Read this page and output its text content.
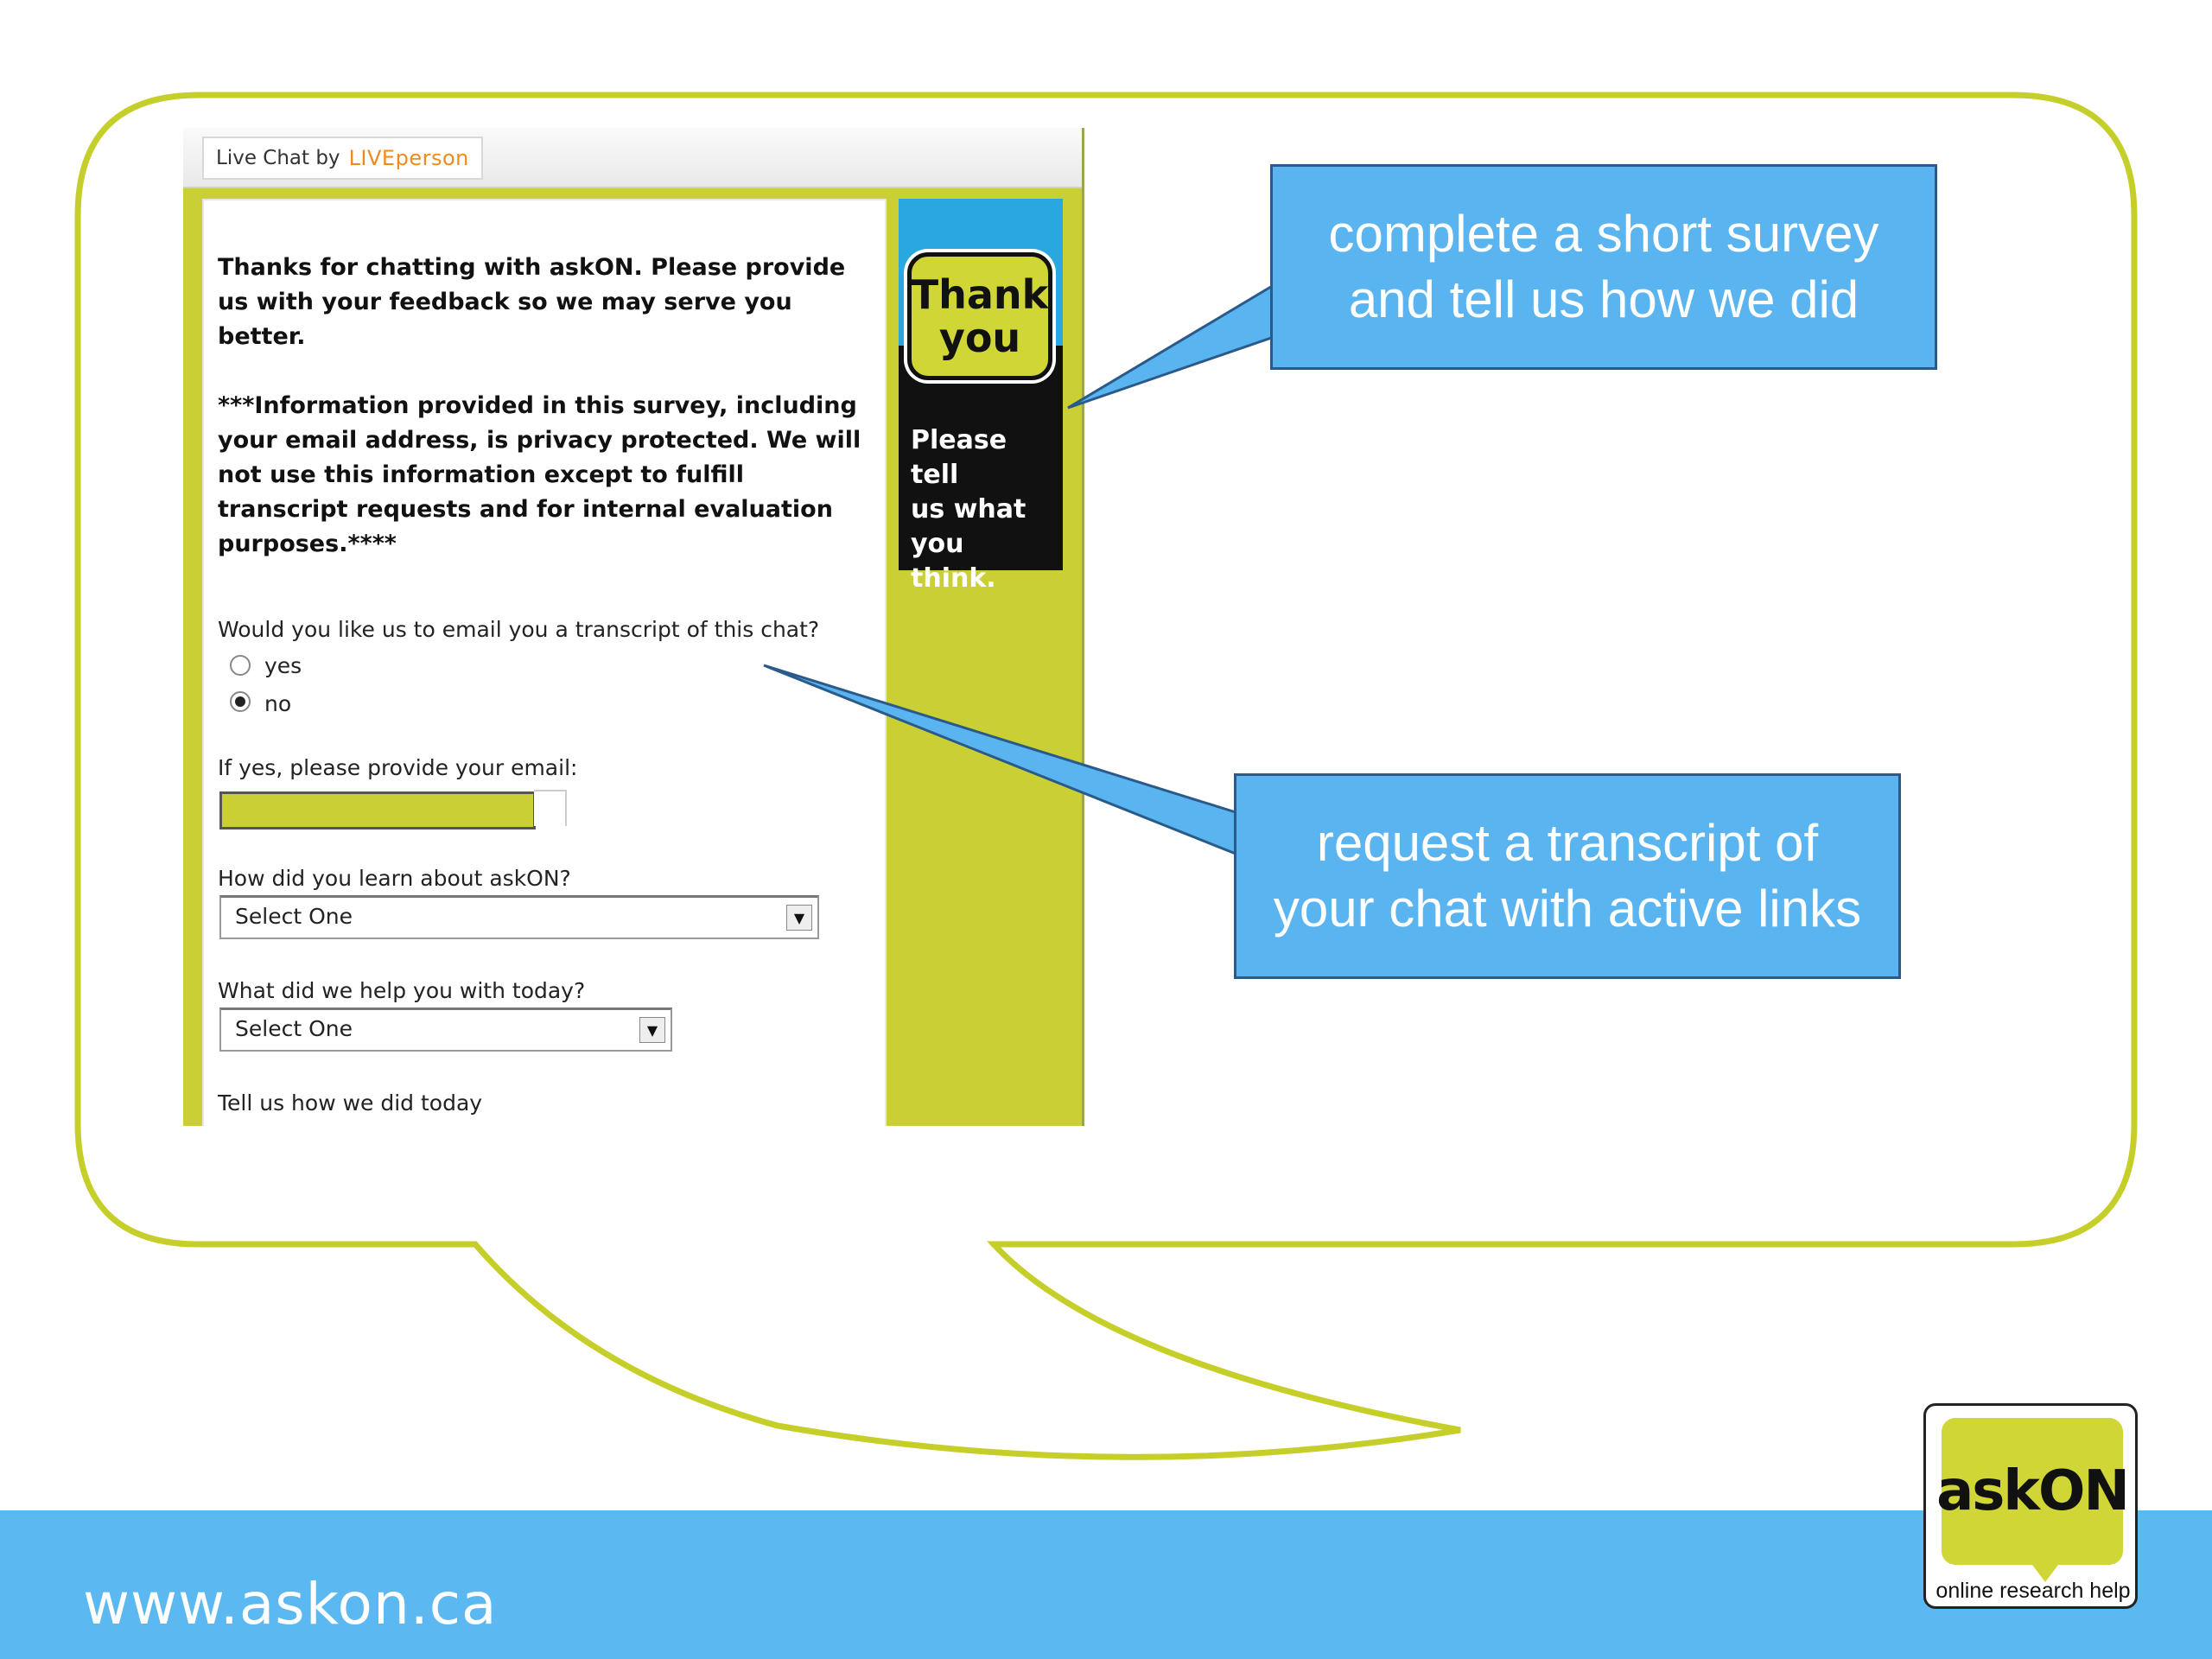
Live Chat by LIVEperson
Thanks for chatting with askON. Please provide us with your feedback so we may serve you better.
***Information provided in this survey, including your email address, is privacy protected. We will not use this information except to fulfill transcript requests and for internal evaluation purposes.****
Would you like us to email you a transcript of this chat?
yes
no
If yes, please provide your email:
How did you learn about askON?
Select One	▼
What did we help you with today?
Select One	▼
Tell us how we did today
Thank
you
Please tell
us what
you think.
complete a short survey
and tell us how we did
request a transcript of
your chat with active links
www.askon.ca
askON
online research help
